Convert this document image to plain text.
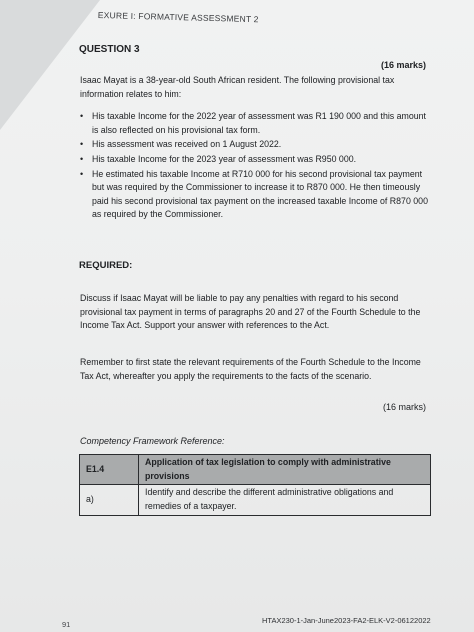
EXURE I: FORMATIVE ASSESSMENT 2
QUESTION 3
(16 marks)
Isaac Mayat is a 38-year-old South African resident. The following provisional tax information relates to him:
• His taxable Income for the 2022 year of assessment was R1 190 000 and this amount is also reflected on his provisional tax form.
• His assessment was received on 1 August 2022.
• His taxable Income for the 2023 year of assessment was R950 000.
• He estimated his taxable Income at R710 000 for his second provisional tax payment but was required by the Commissioner to increase it to R870 000. He then timeously paid his second provisional tax payment on the increased taxable Income of R870 000 as required by the Commissioner.
REQUIRED:
Discuss if Isaac Mayat will be liable to pay any penalties with regard to his second provisional tax payment in terms of paragraphs 20 and 27 of the Fourth Schedule to the Income Tax Act. Support your answer with references to the Act.
Remember to first state the relevant requirements of the Fourth Schedule to the Income Tax Act, whereafter you apply the requirements to the facts of the scenario.
(16 marks)
Competency Framework Reference:
E1.4	Application of tax legislation to comply with administrative provisions
a)	Identify and describe the different administrative obligations and remedies of a taxpayer.
91	HTAX230-1-Jan-June2023-FA2-ELK-V2-06122022
